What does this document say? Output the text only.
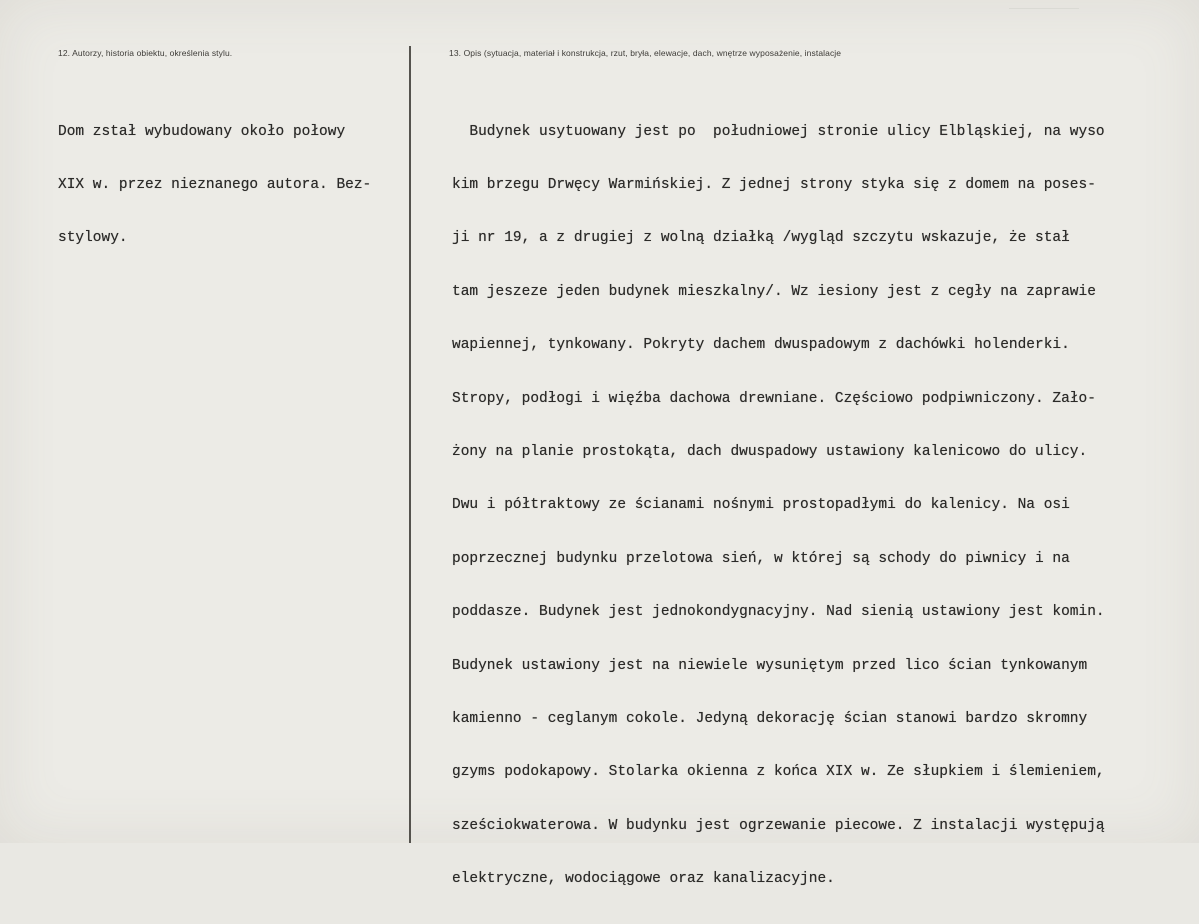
12. Autorzy, historia obiektu, określenia stylu.	13. Opis (sytuacja, materiał i konstrukcja, rzut, bryła, elewacje, dach, wnętrze wyposażenie, instalacje

Dom zstał wybudowany około połowy

XIX w. przez nieznanego autora. Bez-

stylowy.

Budynek usytuowany jest po  południowej stronie ulicy Elbląskiej, na wyso

kim brzegu Drwęcy Warmińskiej. Z jednej strony styka się z domem na poses-

ji nr 19, a z drugiej z wolną działką /wygląd szczytu wskazuje, że stał

tam jeszeze jeden budynek mieszkalny/. Wz iesiony jest z cegły na zaprawie

wapiennej, tynkowany. Pokryty dachem dwuspadowym z dachówki holenderki.

Stropy, podłogi i więźba dachowa drewniane. Częściowo podpiwniczony. Zało-

żony na planie prostokąta, dach dwuspadowy ustawiony kalenicowo do ulicy.

Dwu i półtraktowy ze ścianami nośnymi prostopadłymi do kalenicy. Na osi

poprzecznej budynku przelotowa sień, w której są schody do piwnicy i na

poddasze. Budynek jest jednokondygnacyjny. Nad sienią ustawiony jest komin.

Budynek ustawiony jest na niewiele wysuniętym przed lico ścian tynkowanym

kamienno - ceglanym cokole. Jedyną dekorację ścian stanowi bardzo skromny

gzyms podokapowy. Stolarka okienna z końca XIX w. Ze słupkiem i ślemieniem,

sześciokwaterowa. W budynku jest ogrzewanie piecowe. Z instalacji występują

elektryczne, wodociągowe oraz kanalizacyjne.
